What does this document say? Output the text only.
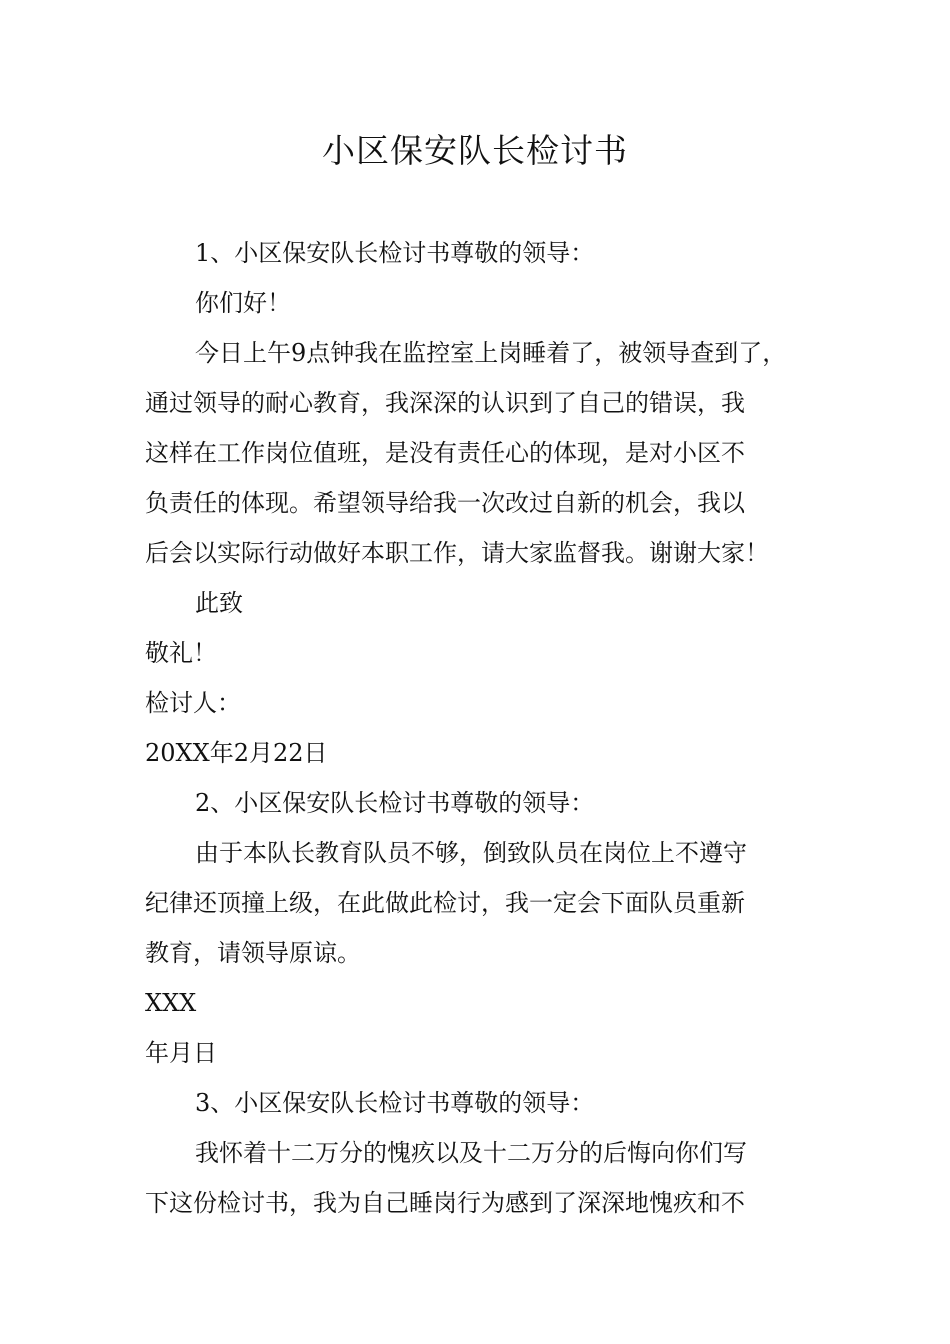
小区保安队长检讨书

1、小区保安队长检讨书尊敬的领导：

你们好！

今日上午9点钟我在监控室上岗睡着了，被领导查到了，

通过领导的耐心教育，我深深的认识到了自己的错误，我

这样在工作岗位值班，是没有责任心的体现，是对小区不

负责任的体现。希望领导给我一次改过自新的机会，我以

后会以实际行动做好本职工作，请大家监督我。谢谢大家！

此致

敬礼！

检讨人：

20XX年2月22日

2、小区保安队长检讨书尊敬的领导：

由于本队长教育队员不够，倒致队员在岗位上不遵守

纪律还顶撞上级，在此做此检讨，我一定会下面队员重新

教育，请领导原谅。

XXX

年月日

3、小区保安队长检讨书尊敬的领导：

我怀着十二万分的愧疚以及十二万分的后悔向你们写

下这份检讨书，我为自己睡岗行为感到了深深地愧疚和不
